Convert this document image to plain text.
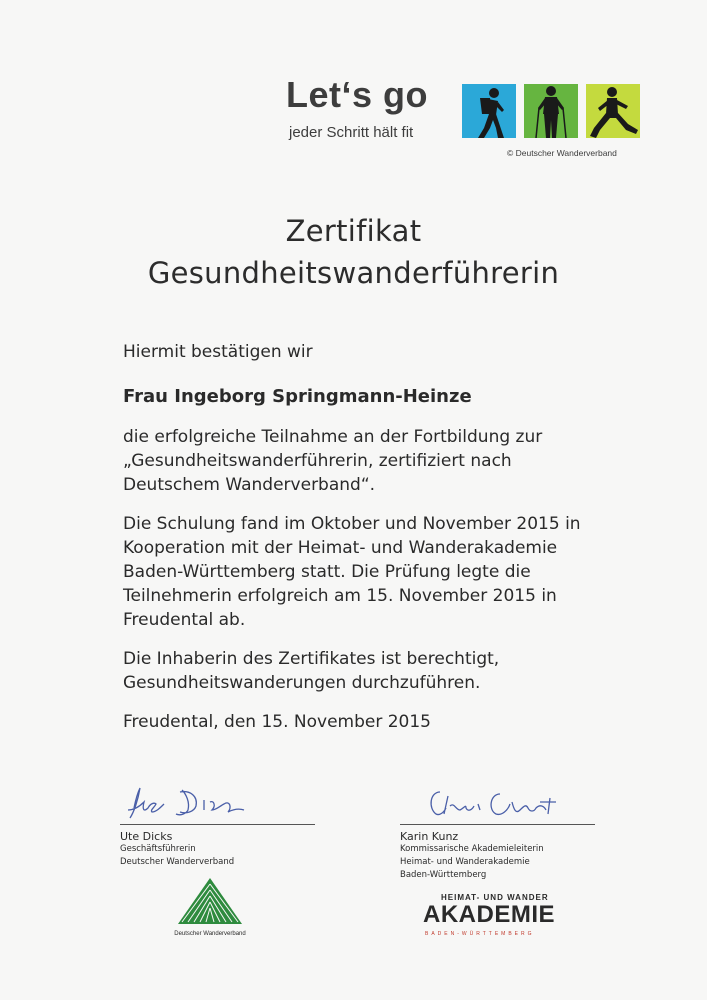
Let‘s go
jeder Schritt hält fit
© Deutscher Wanderverband
Zertifikat
Gesundheitswanderführerin

Hiermit bestätigen wir

Frau Ingeborg Springmann-Heinze

die erfolgreiche Teilnahme an der Fortbildung zur
„Gesundheitswanderführerin, zertifiziert nach
Deutschem Wanderverband“.

Die Schulung fand im Oktober und November 2015 in
Kooperation mit der Heimat- und Wanderakademie
Baden-Württemberg statt. Die Prüfung legte die
Teilnehmerin erfolgreich am 15. November 2015 in
Freudental ab.

Die Inhaberin des Zertifikates ist berechtigt,
Gesundheitswanderungen durchzuführen.

Freudental, den 15. November 2015

Ute Dicks
Geschäftsführerin
Deutscher Wanderverband
Karin Kunz
Kommissarische Akademieleiterin
Heimat- und Wanderakademie
Baden-Württemberg
Deutscher Wanderverband
HEIMAT- UND WANDER
AKADEMIE
BADEN-WÜRTTEMBERG
